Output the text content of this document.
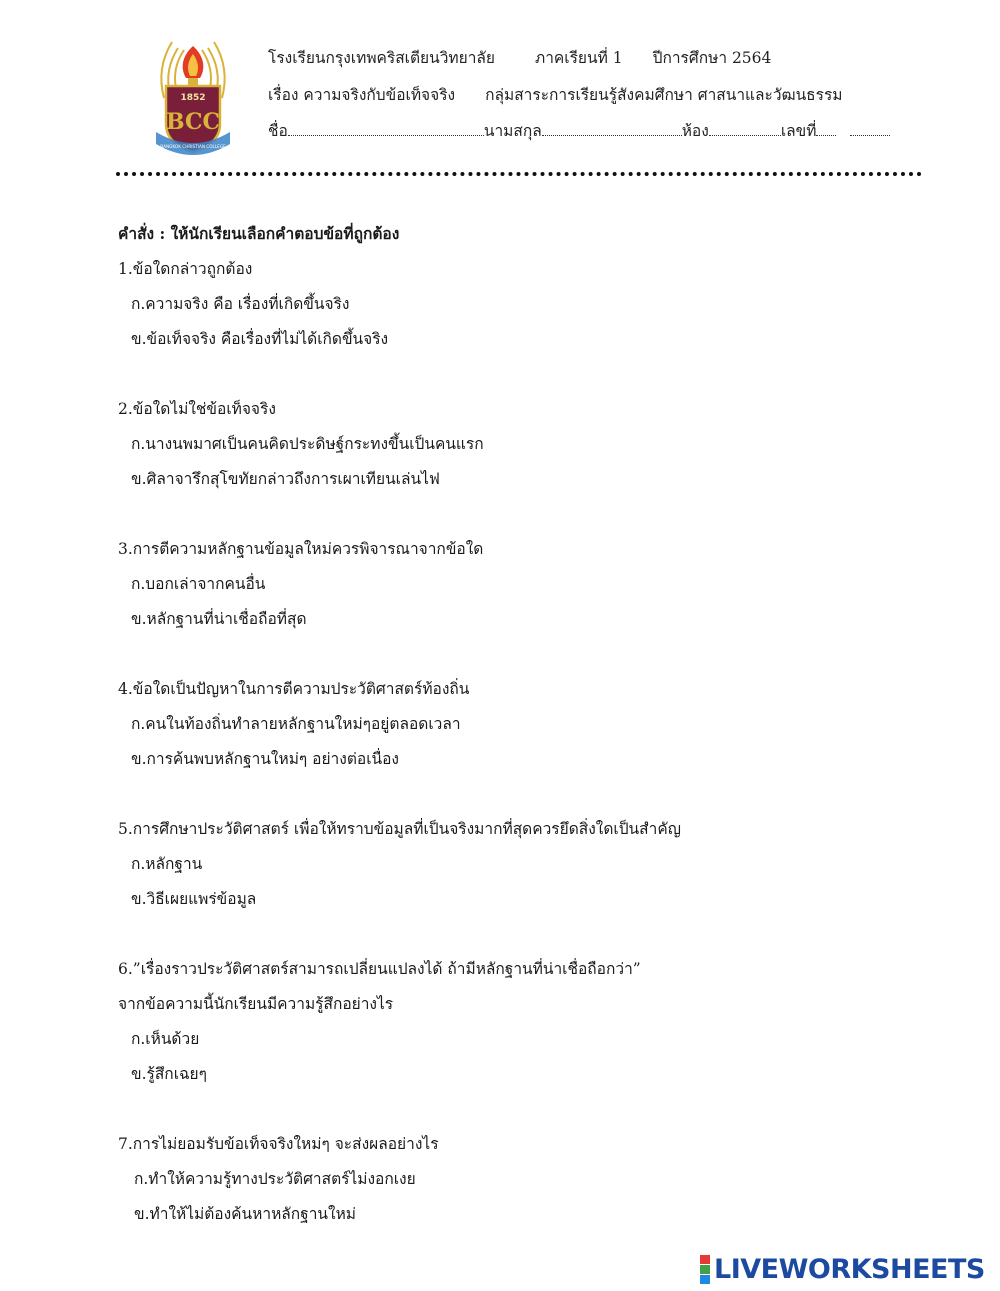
1852
BCC
BANGKOK CHRISTIAN COLLEGE
โรงเรียนกรุงเทพคริสเตียนวิทยาลัย	ภาคเรียนที่ 1 ปีการศึกษา 2564
เรื่อง ความจริงกับข้อเท็จจริง กลุ่มสาระการเรียนรู้สังคมศึกษา ศาสนาและวัฒนธรรม
ชื่อ	นามสกุล	ห้อง	เลขที่
คำสั่ง : ให้นักเรียนเลือกคำตอบข้อที่ถูกต้อง
1.ข้อใดกล่าวถูกต้อง
ก.ความจริง คือ เรื่องที่เกิดขึ้นจริง
ข.ข้อเท็จจริง คือเรื่องที่ไม่ได้เกิดขึ้นจริง
2.ข้อใดไม่ใช่ข้อเท็จจริง
ก.นางนพมาศเป็นคนคิดประดิษฐ์กระทงขึ้นเป็นคนแรก
ข.ศิลาจารึกสุโขทัยกล่าวถึงการเผาเทียนเล่นไฟ
3.การตีความหลักฐานข้อมูลใหม่ควรพิจารณาจากข้อใด
ก.บอกเล่าจากคนอื่น
ข.หลักฐานที่น่าเชื่อถือที่สุด
4.ข้อใดเป็นปัญหาในการตีความประวัติศาสตร์ท้องถิ่น
ก.คนในท้องถิ่นทำลายหลักฐานใหม่ๆอยู่ตลอดเวลา
ข.การค้นพบหลักฐานใหม่ๆ อย่างต่อเนื่อง
5.การศึกษาประวัติศาสตร์ เพื่อให้ทราบข้อมูลที่เป็นจริงมากที่สุดควรยึดสิ่งใดเป็นสำคัญ
ก.หลักฐาน
ข.วิธีเผยแพร่ข้อมูล
6.”เรื่องราวประวัติศาสตร์สามารถเปลี่ยนแปลงได้ ถ้ามีหลักฐานที่น่าเชื่อถือกว่า”
จากข้อความนี้นักเรียนมีความรู้สึกอย่างไร
ก.เห็นด้วย
ข.รู้สึกเฉยๆ
7.การไม่ยอมรับข้อเท็จจริงใหม่ๆ จะส่งผลอย่างไร
ก.ทำให้ความรู้ทางประวัติศาสตร์ไม่งอกเงย
ข.ทำให้ไม่ต้องค้นหาหลักฐานใหม่
LIVEWORKSHEETS
